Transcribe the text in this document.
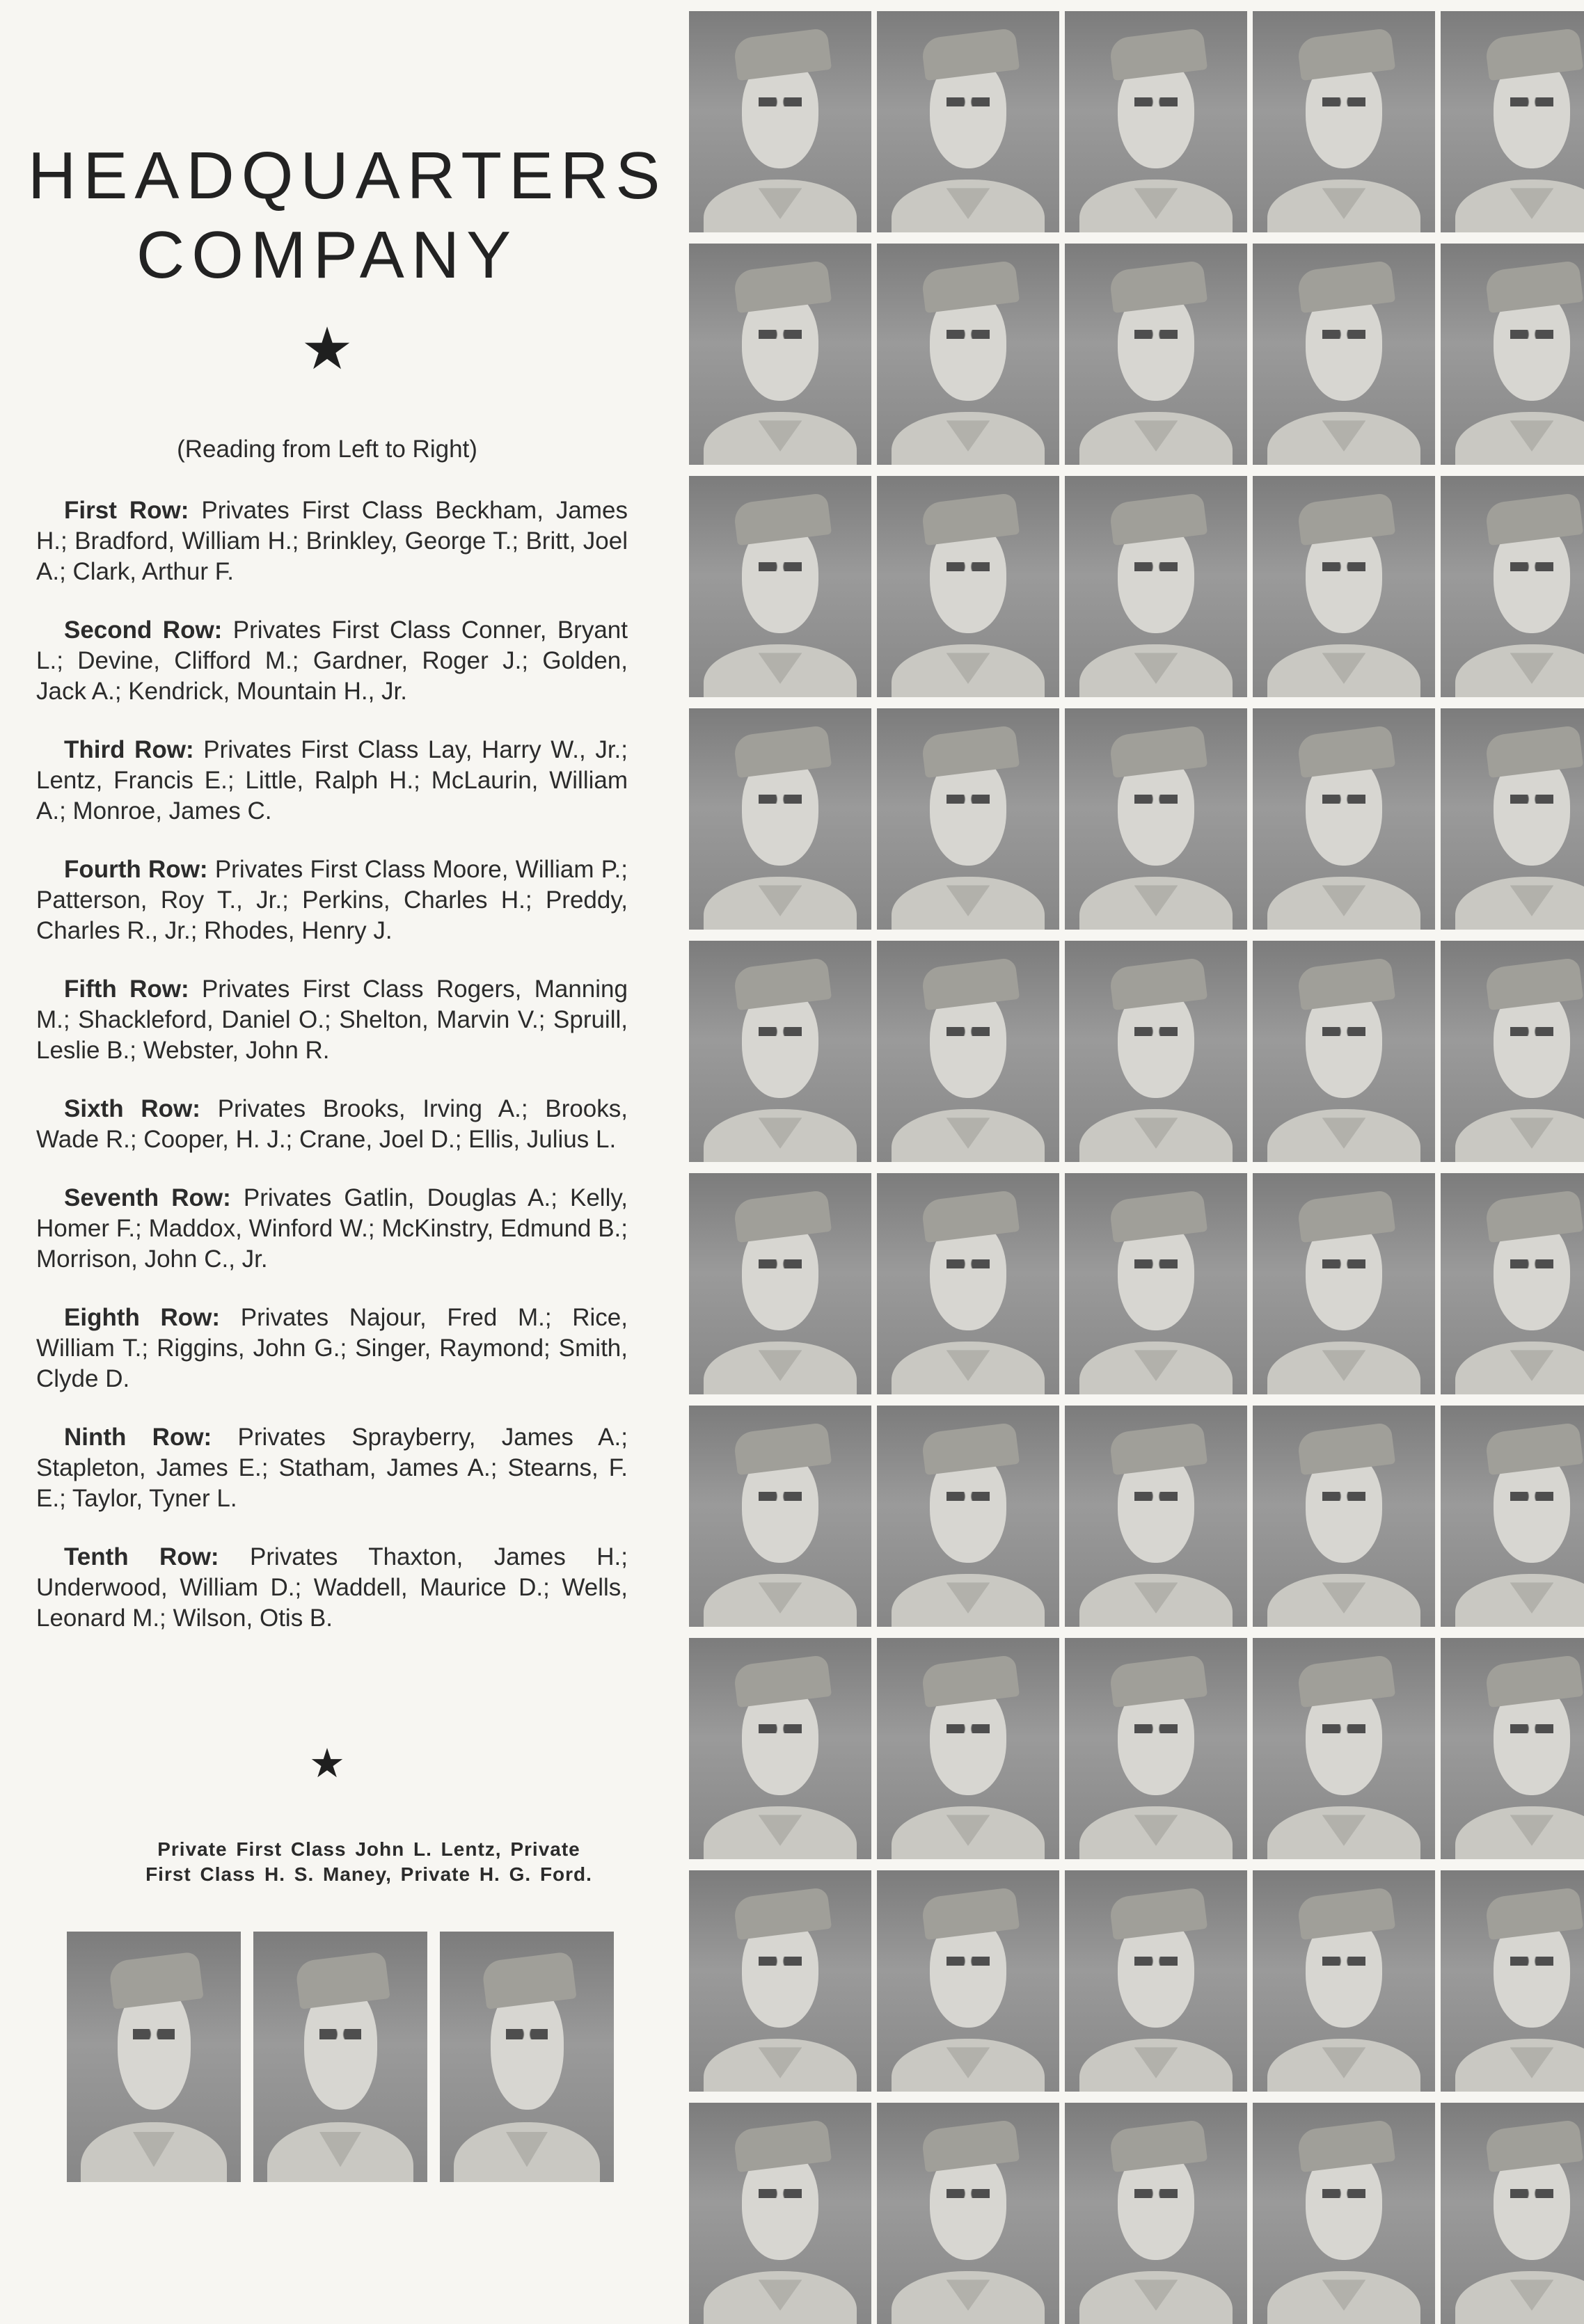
HEADQUARTERS
COMPANY
★
(Reading from Left to Right)

First Row: Privates First Class Beckham, James H.; Bradford, William H.; Brinkley, George T.; Britt, Joel A.; Clark, Arthur F.

Second Row: Privates First Class Conner, Bryant L.; Devine, Clifford M.; Gardner, Roger J.; Golden, Jack A.; Kendrick, Mountain H., Jr.

Third Row: Privates First Class Lay, Harry W., Jr.; Lentz, Francis E.; Little, Ralph H.; McLaurin, William A.; Monroe, James C.

Fourth Row: Privates First Class Moore, William P.; Patterson, Roy T., Jr.; Perkins, Charles H.; Preddy, Charles R., Jr.; Rhodes, Henry J.

Fifth Row: Privates First Class Rogers, Manning M.; Shackleford, Daniel O.; Shelton, Marvin V.; Spruill, Leslie B.; Webster, John R.

Sixth Row: Privates Brooks, Irving A.; Brooks, Wade R.; Cooper, H. J.; Crane, Joel D.; Ellis, Julius L.

Seventh Row: Privates Gatlin, Douglas A.; Kelly, Homer F.; Maddox, Winford W.; McKinstry, Edmund B.; Morrison, John C., Jr.

Eighth Row: Privates Najour, Fred M.; Rice, William T.; Riggins, John G.; Singer, Raymond; Smith, Clyde D.

Ninth Row: Privates Sprayberry, James A.; Stapleton, James E.; Statham, James A.; Stearns, F. E.; Taylor, Tyner L.

Tenth Row: Privates Thaxton, James H.; Underwood, William D.; Waddell, Maurice D.; Wells, Leonard M.; Wilson, Otis B.

★
Private First Class John L. Lentz, Private First Class H. S. Maney, Private H. G. Ford.
